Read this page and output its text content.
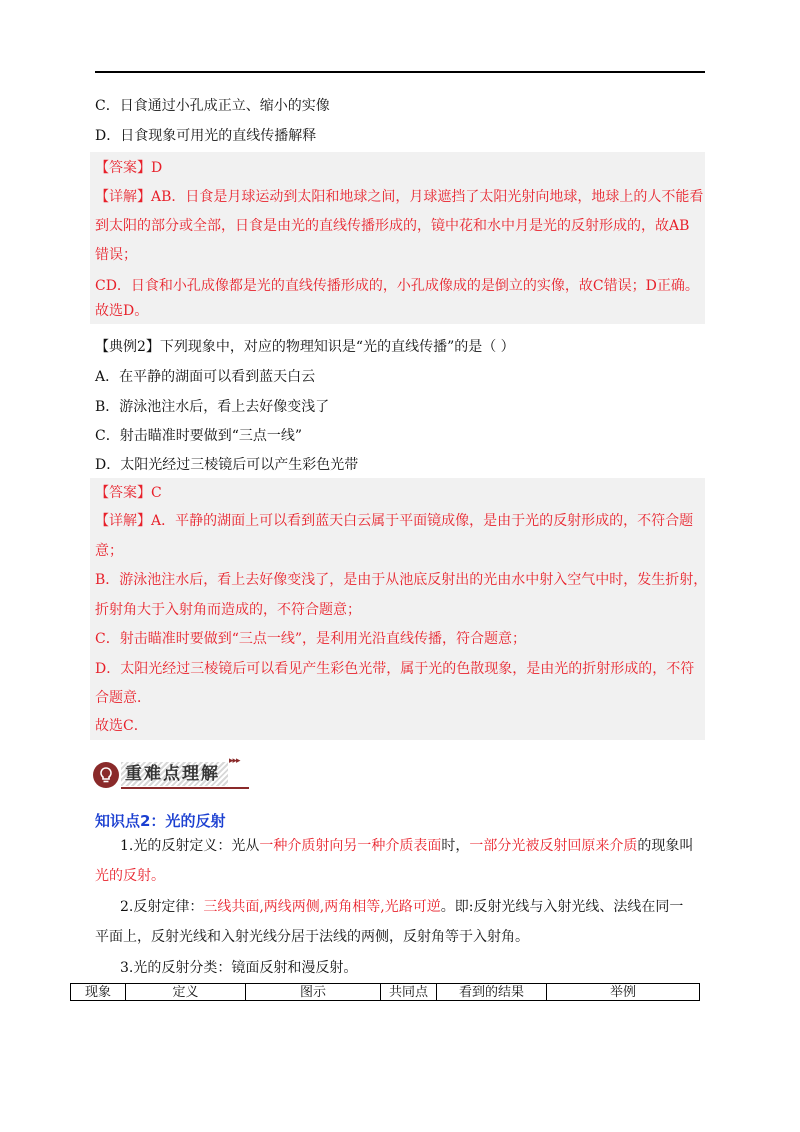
C．日食通过小孔成正立、缩小的实像
D．日食现象可用光的直线传播解释
【答案】D
【详解】AB．日食是月球运动到太阳和地球之间，月球遮挡了太阳光射向地球，地球上的人不能看
到太阳的部分或全部，日食是由光的直线传播形成的，镜中花和水中月是光的反射形成的，故AB
错误；
CD．日食和小孔成像都是光的直线传播形成的，小孔成像成的是倒立的实像，故C错误；D正确。
故选D。
【典例2】下列现象中，对应的物理知识是“光的直线传播”的是（ ）
A．在平静的湖面可以看到蓝天白云
B．游泳池注水后，看上去好像变浅了
C．射击瞄准时要做到“三点一线”
D．太阳光经过三棱镜后可以产生彩色光带
【答案】C
【详解】A．平静的湖面上可以看到蓝天白云属于平面镜成像，是由于光的反射形成的，不符合题
意；
B．游泳池注水后，看上去好像变浅了，是由于从池底反射出的光由水中射入空气中时，发生折射，
折射角大于入射角而造成的，不符合题意；
C．射击瞄准时要做到“三点一线”，是利用光沿直线传播，符合题意；
D．太阳光经过三棱镜后可以看见产生彩色光带，属于光的色散现象，是由光的折射形成的，不符
合题意．
故选C．
重难点理解
▸▸▸
知识点2：光的反射
1.光的反射定义：光从一种介质射向另一种介质表面时，一部分光被反射回原来介质的现象叫
光的反射。
2.反射定律：三线共面,两线两侧,两角相等,光路可逆。即:反射光线与入射光线、法线在同一
平面上，反射光线和入射光线分居于法线的两侧，反射角等于入射角。
3.光的反射分类：镜面反射和漫反射。
现象	定义	图示	共同点	看到的结果	举例
